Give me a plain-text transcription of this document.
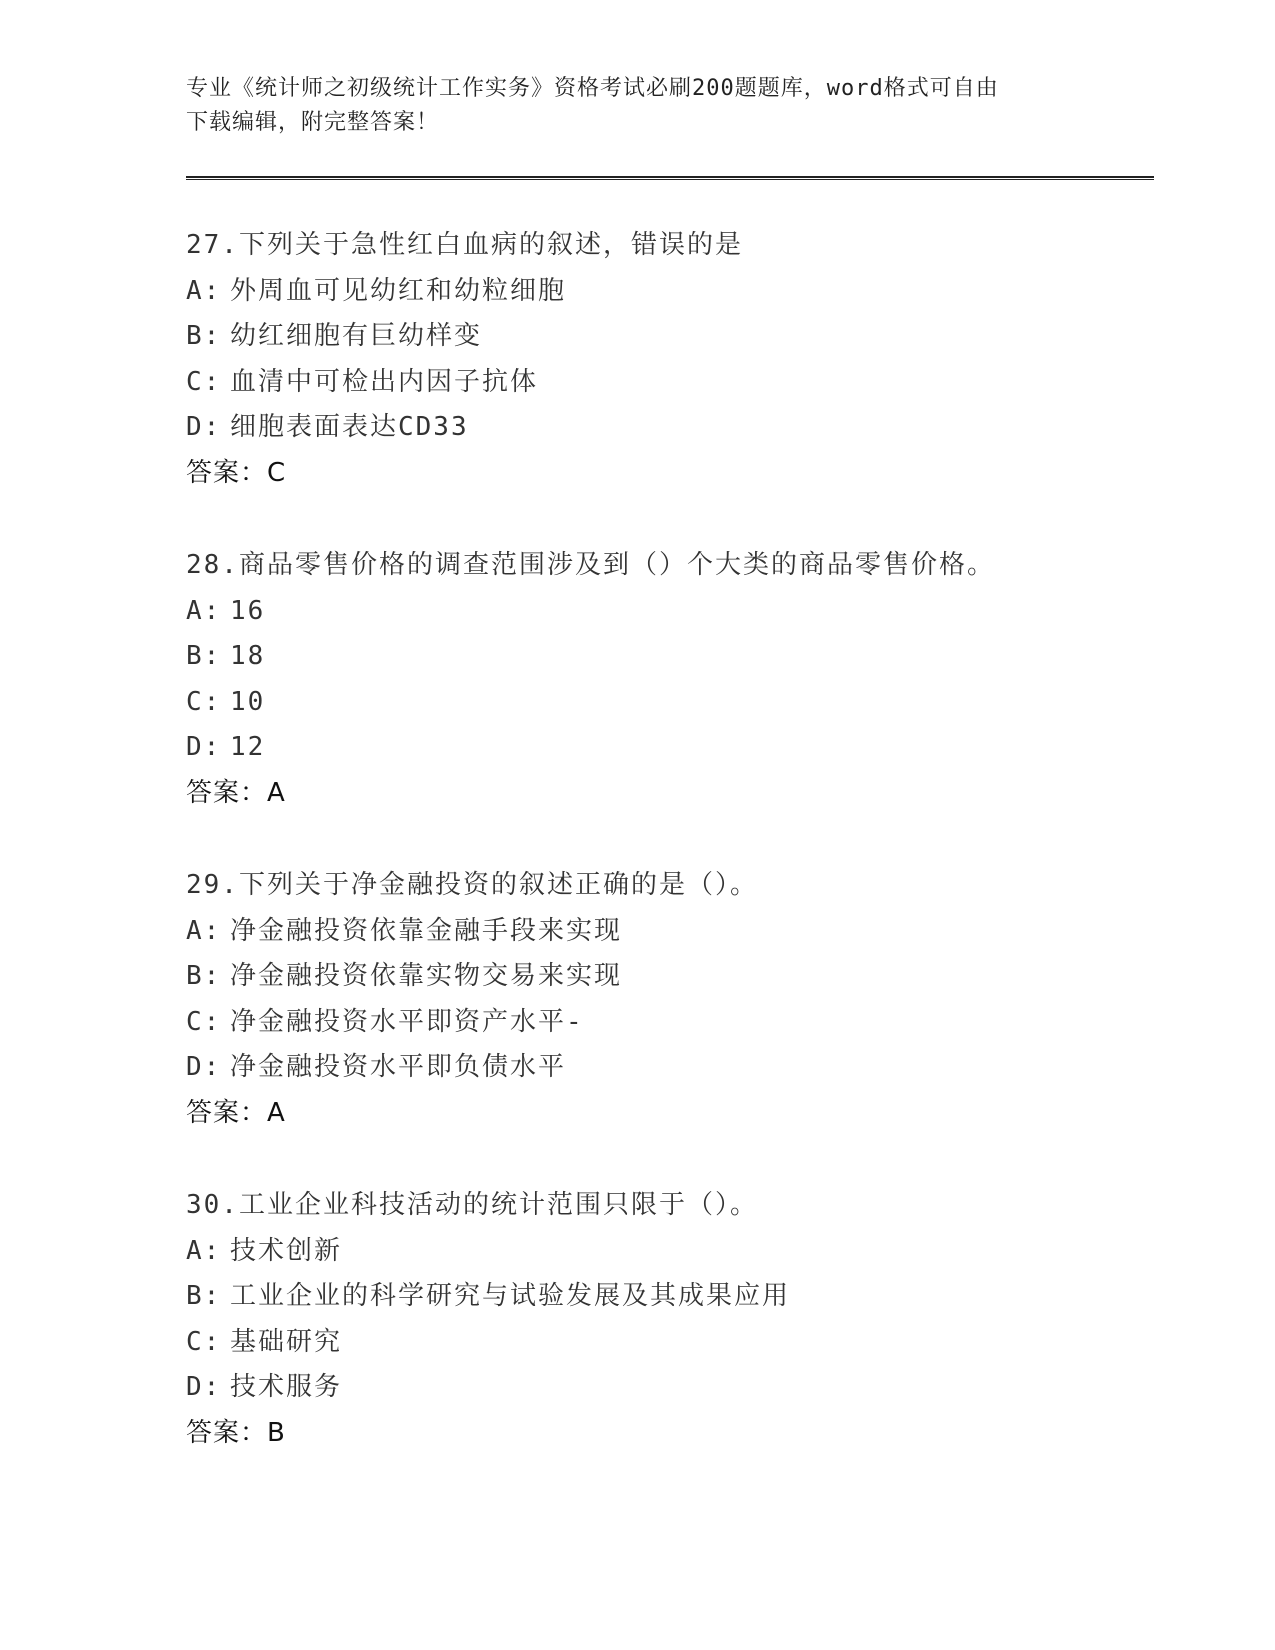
专业《统计师之初级统计工作实务》资格考试必刷200题题库，word格式可自由
下载编辑，附完整答案！
27.下列关于急性红白血病的叙述，错误的是
A: 外周血可见幼红和幼粒细胞
B: 幼红细胞有巨幼样变
C: 血清中可检出内因子抗体
D: 细胞表面表达CD33
答案：C
28.商品零售价格的调查范围涉及到（）个大类的商品零售价格。
A: 16
B: 18
C: 10
D: 12
答案：A
29.下列关于净金融投资的叙述正确的是（）。
A: 净金融投资依靠金融手段来实现
B: 净金融投资依靠实物交易来实现
C: 净金融投资水平即资产水平-
D: 净金融投资水平即负债水平
答案：A
30.工业企业科技活动的统计范围只限于（）。
A: 技术创新
B: 工业企业的科学研究与试验发展及其成果应用
C: 基础研究
D: 技术服务
答案：B
